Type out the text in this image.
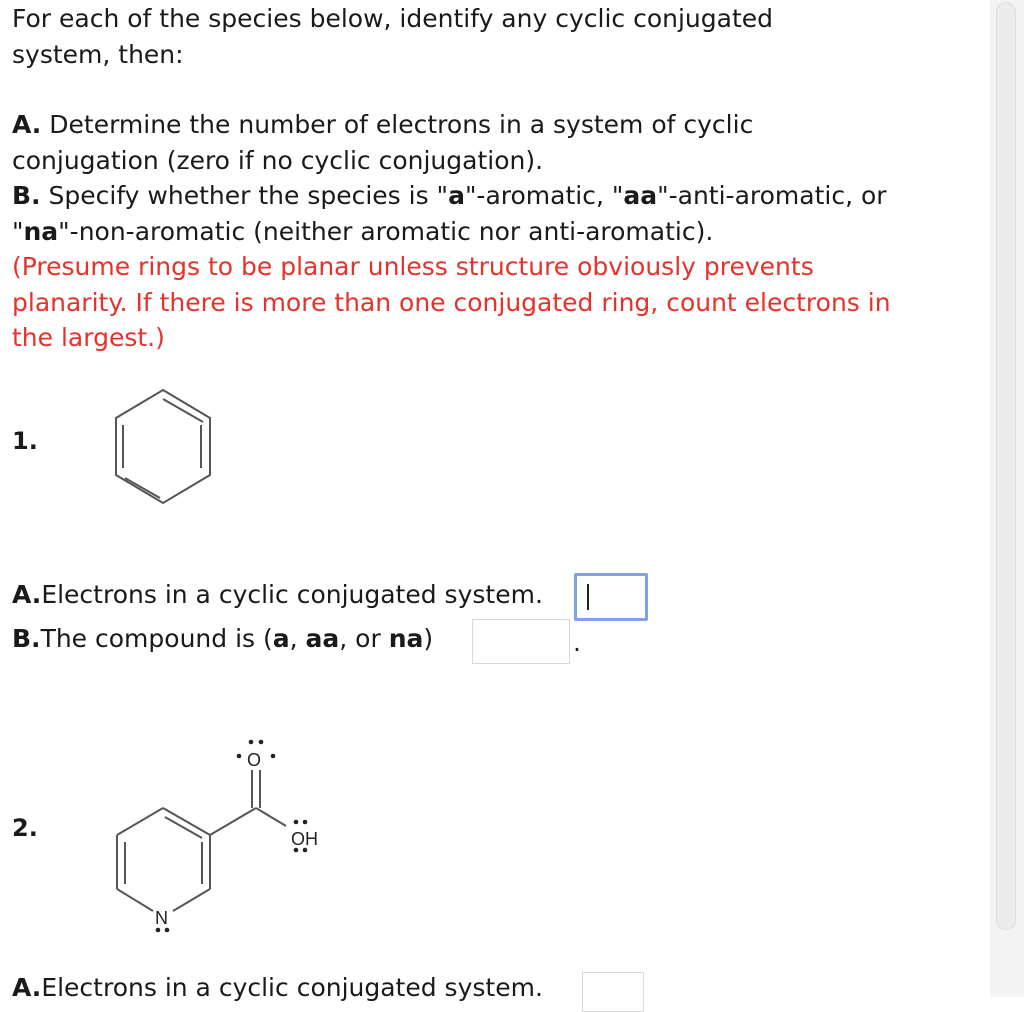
For each of the species below, identify any cyclic conjugated system, then:

A. Determine the number of electrons in a system of cyclic conjugation (zero if no cyclic conjugation).

B. Specify whether the species is "a"-aromatic, "aa"-anti-aromatic, or "na"-non-aromatic (neither aromatic nor anti-aromatic).

(Presume rings to be planar unless structure obviously prevents planarity. If there is more than one conjugated ring, count electrons in the largest.)

1.
A.Electrons in a cyclic conjugated system.
B.The compound is (a, aa, or na)	.
2.
O
OH
N
A.Electrons in a cyclic conjugated system.
